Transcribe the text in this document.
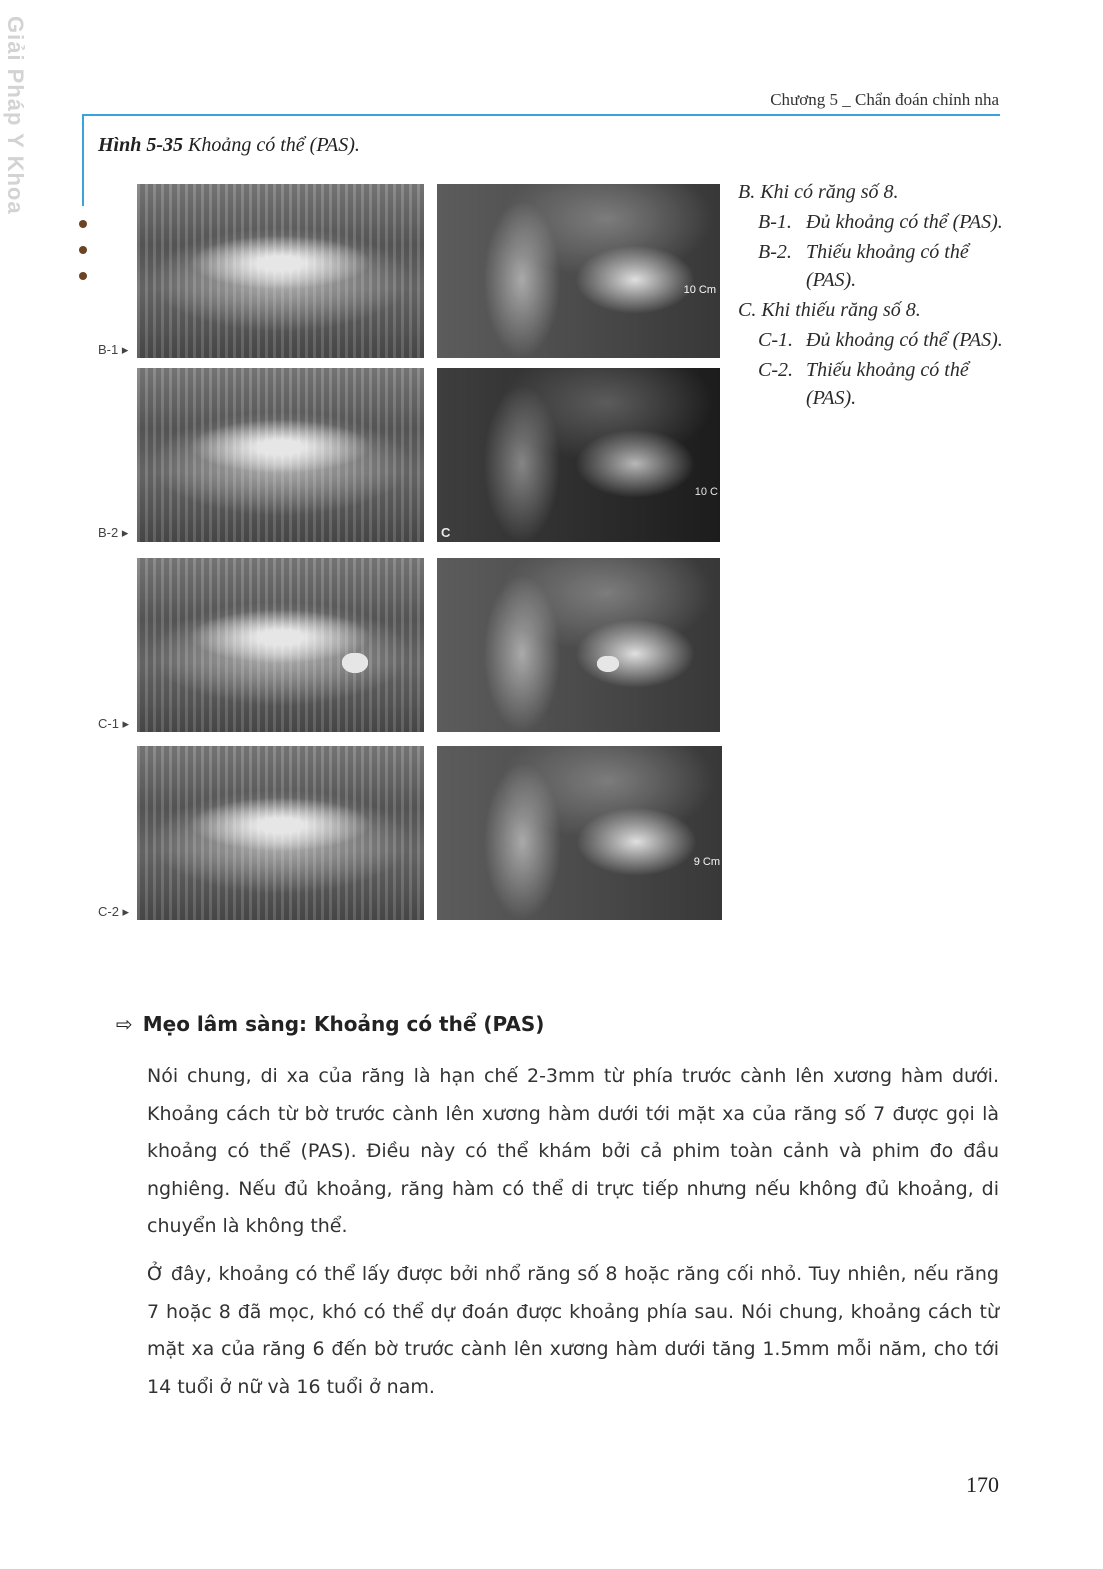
Giải Pháp Y Khoa	Chương 5 _ Chẩn đoán chỉnh nha
Hình 5-35 Khoảng có thể (PAS).
10 Cm
B-1 ▸
10 C
C
B-2 ▸
C-1 ▸
9 Cm
C-2 ▸
B. Khi có răng số 8.
B-1. Đủ khoảng có thể (PAS).
B-2. Thiếu khoảng có thể (PAS).
C. Khi thiếu răng số 8.
C-1. Đủ khoảng có thể (PAS).
C-2. Thiếu khoảng có thể (PAS).
⇨ Mẹo lâm sàng: Khoảng có thể (PAS)

Nói chung, di xa của răng là hạn chế 2-3mm từ phía trước cành lên xương hàm dưới. Khoảng cách từ bờ trước cành lên xương hàm dưới tới mặt xa của răng số 7 được gọi là khoảng có thể (PAS). Điều này có thể khám bởi cả phim toàn cảnh và phim đo đầu nghiêng. Nếu đủ khoảng, răng hàm có thể di trực tiếp nhưng nếu không đủ khoảng, di chuyển là không thể.

Ở đây, khoảng có thể lấy được bởi nhổ răng số 8 hoặc răng cối nhỏ. Tuy nhiên, nếu răng 7 hoặc 8 đã mọc, khó có thể dự đoán được khoảng phía sau. Nói chung, khoảng cách từ mặt xa của răng 6 đến bờ trước cành lên xương hàm dưới tăng 1.5mm mỗi năm, cho tới 14 tuổi ở nữ và 16 tuổi ở nam.

170
